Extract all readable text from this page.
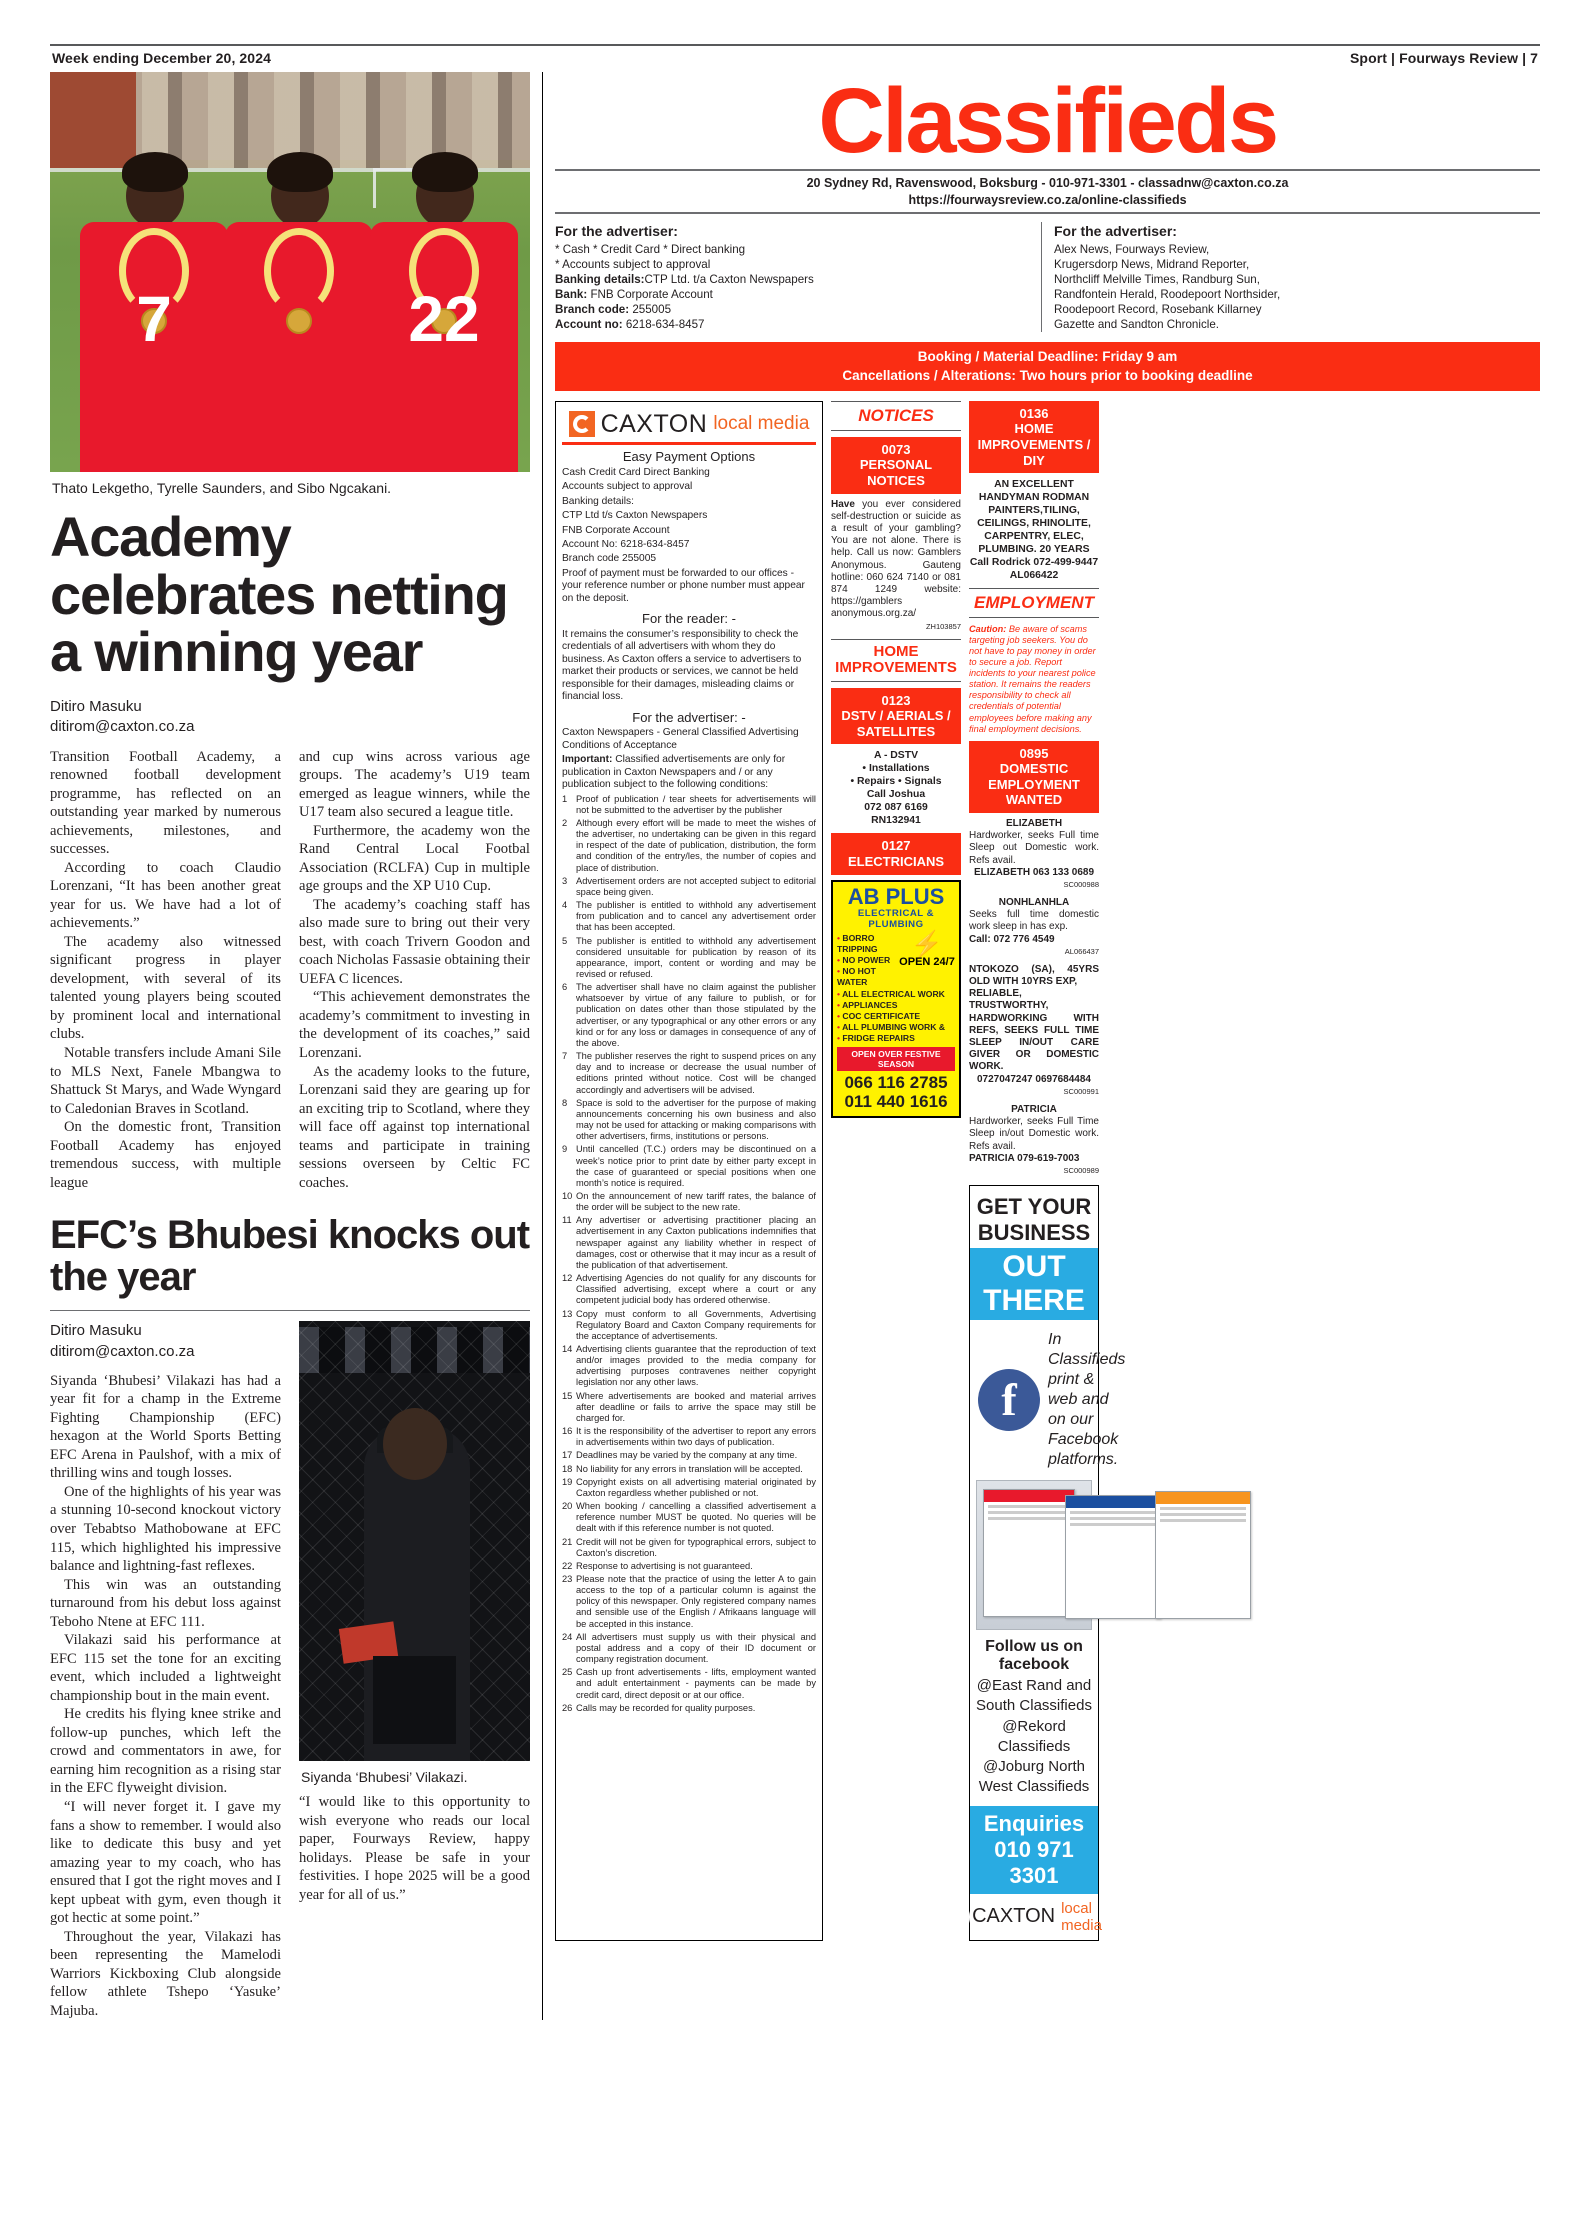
Week ending December 20, 2024	Sport | Fourways Review | 7
7	22
Thato Lekgetho, Tyrelle Saunders, and Sibo Ngcakani.
Academy celebrates netting a winning year
Ditiro Masuku
ditirom@caxton.co.za

Transition Football Academy, a renowned football development programme, has reflected on an outstanding year marked by numerous achievements, milestones, and successes.

According to coach Claudio Lorenzani, “It has been another great year for us. We have had a lot of achievements.”

The academy also witnessed significant progress in player development, with several of its talented young players being scouted by prominent local and international clubs.

Notable transfers include Amani Sile to MLS Next, Fanele Mbangwa to Shattuck St Marys, and Wade Wyngard to Caledonian Braves in Scotland.

On the domestic front, Transition Football Academy has enjoyed tremendous success, with multiple league

and cup wins across various age groups. The academy’s U19 team emerged as league winners, while the U17 team also secured a league title.

Furthermore, the academy won the Rand Central Local Footbal Association (RCLFA) Cup in multiple age groups and the XP U10 Cup.

The academy’s coaching staff has also made sure to bring out their very best, with coach Trivern Goodon and coach Nicholas Fassasie obtaining their UEFA C licences.

“This achievement demonstrates the academy’s commitment to investing in the development of its coaches,” said Lorenzani.

As the academy looks to the future, Lorenzani said they are gearing up for an exciting trip to Scotland, where they will face off against top international teams and participate in training sessions overseen by Celtic FC coaches.

EFC’s Bhubesi knocks out the year
Ditiro Masuku
ditirom@caxton.co.za

Siyanda ‘Bhubesi’ Vilakazi has had a year fit for a champ in the Extreme Fighting Championship (EFC) hexagon at the World Sports Betting EFC Arena in Paulshof, with a mix of thrilling wins and tough losses.

One of the highlights of his year was a stunning 10-second knockout victory over Tebabtso Mathobowane at EFC 115, which highlighted his impressive balance and lightning-fast reflexes.

This win was an outstanding turnaround from his debut loss against Teboho Ntene at EFC 111.

Vilakazi said his performance at EFC 115 set the tone for an exciting event, which included a lightweight championship bout in the main event.

He credits his flying knee strike and follow-up punches, which left the crowd and commentators in awe, for earning him recognition as a rising star in the EFC flyweight division.

“I will never forget it. I gave my fans a show to remember. I would also like to dedicate this busy and yet amazing year to my coach, who has ensured that I got the right moves and I kept upbeat with gym, even though it got hectic at some point.”

Throughout the year, Vilakazi has been representing the Mamelodi Warriors Kickboxing Club alongside fellow athlete Tshepo ‘Yasuke’ Majuba.

Siyanda ‘Bhubesi’ Vilakazi.

“I would like to this opportunity to wish everyone who reads our local paper, Fourways Review, happy holidays. Please be safe in your festivities. I hope 2025 will be a good year for all of us.”

Classifieds
20 Sydney Rd, Ravenswood, Boksburg - 010-971-3301 - classadnw@caxton.co.za
https://fourwaysreview.co.za/online-classifieds
For the advertiser:
* Cash * Credit Card * Direct banking
* Accounts subject to approval
Banking details:CTP Ltd. t/a Caxton Newspapers
Bank: FNB Corporate Account
Branch code: 255005
Account no: 6218-634-8457
For the advertiser:
Alex News, Fourways Review,
Krugersdorp News, Midrand Reporter,
Northcliff Melville Times, Randburg Sun,
Randfontein Herald, Roodepoort Northsider,
Roodepoort Record, Rosebank Killarney
Gazette and Sandton Chronicle.
Booking / Material Deadline: Friday 9 am
Cancellations / Alterations: Two hours prior to booking deadline
CAXTON local media
Easy Payment Options

Cash Credit Card Direct Banking

Accounts subject to approval

Banking details:

CTP Ltd t/s Caxton Newspapers

FNB Corporate Account

Account No: 6218-634-8457

Branch code 255005

Proof of payment must be forwarded to our offices - your reference number or phone number must appear on the deposit.

For the reader: -

It remains the consumer’s responsibility to check the credentials of all advertisers with whom they do business. As Caxton offers a service to advertisers to market their products or services, we cannot be held responsible for their damages, misleading claims or financial loss.

For the advertiser: -

Caxton Newspapers - General Classified Advertising Conditions of Acceptance

Important: Classified advertisements are only for publication in Caxton Newspapers and / or any publication subject to the following conditions:

Proof of publication / tear sheets for advertisements will not be submitted to the advertiser by the publisher
Although every effort will be made to meet the wishes of the advertiser, no undertaking can be given in this regard in respect of the date of publication, distribution, the form and condition of the entry/les, the number of copies and place of distribution.
Advertisement orders are not accepted subject to editorial space being given.
The publisher is entitled to withhold any advertisement from publication and to cancel any advertisement order that has been accepted.
The publisher is entitled to withhold any advertisement considered unsuitable for publication by reason of its appearance, import, content or wording and may be revised or refused.
The advertiser shall have no claim against the publisher whatsoever by virtue of any failure to publish, or for publication on dates other than those stipulated by the advertiser, or any typographical or any other errors or any kind or for any loss or damages in consequence of any of the above.
The publisher reserves the right to suspend prices on any day and to increase or decrease the usual number of editions printed without notice. Cost will be changed accordingly and advertisers will be advised.
Space is sold to the advertiser for the purpose of making announcements concerning his own business and also may not be used for attacking or making comparisons with other advertisers, firms, institutions or persons.
Until cancelled (T.C.) orders may be discontinued on a week’s notice prior to print date by either party except in the case of guaranteed or special positions when one month’s notice is required.
On the announcement of new tariff rates, the balance of the order will be subject to the new rate.
Any advertiser or advertising practitioner placing an advertisement in any Caxton publications indemnifies that newspaper against any liability whether in respect of damages, cost or otherwise that it may incur as a result of the publication of that advertisement.
Advertising Agencies do not qualify for any discounts for Classified advertising, except where a court or any competent judicial body has ordered otherwise.
Copy must conform to all Governments, Advertising Regulatory Board and Caxton Company requirements for the acceptance of advertisements.
Advertising clients guarantee that the reproduction of text and/or images provided to the media company for advertising purposes contravenes neither copyright legislation nor any other laws.
Where advertisements are booked and material arrives after deadline or fails to arrive the space may still be charged for.
It is the responsibility of the advertiser to report any errors in advertisements within two days of publication.
Deadlines may be varied by the company at any time.
No liability for any errors in translation will be accepted.
Copyright exists on all advertising material originated by Caxton regardless whether published or not.
When booking / cancelling a classified advertisement a reference number MUST be quoted. No queries will be dealt with if this reference number is not quoted.
Credit will not be given for typographical errors, subject to Caxton’s discretion.
Response to advertising is not guaranteed.
Please note that the practice of using the letter A to gain access to the top of a particular column is against the policy of this newspaper. Only registered company names and sensible use of the English / Afrikaans language will be accepted in this instance.
All advertisers must supply us with their physical and postal address and a copy of their ID document or company registration document.
Cash up front advertisements - lifts, employment wanted and adult entertainment - payments can be made by credit card, direct deposit or at our office.
Calls may be recorded for quality purposes.
NOTICES
0073
PERSONAL NOTICES
Have you ever considered self-destruction or suicide as a result of your gambling? You are not alone. There is help. Call us now: Gamblers Anonymous. Gauteng hotline: 060 624 7140 or 081 874 1249 website: https://gamblers anonymous.org.za/
ZH103857
HOME
IMPROVEMENTS
0123
DSTV / AERIALS /
SATELLITES
A - DSTV
• Installations
• Repairs • Signals
Call Joshua
072 087 6169
RN132941
0127
ELECTRICIANS
AB PLUS
ELECTRICAL & PLUMBING
⚡
OPEN 24/7
• BORRO TRIPPING
• NO POWER
• NO HOT WATER
• ALL ELECTRICAL WORK
• APPLIANCES
• COC CERTIFICATE
• ALL PLUMBING WORK &
• FRIDGE REPAIRS
OPEN OVER FESTIVE SEASON
066 116 2785
011 440 1616
0136
HOME
IMPROVEMENTS / DIY
AN EXCELLENT HANDYMAN RODMAN PAINTERS,TILING, CEILINGS, RHINOLITE, CARPENTRY, ELEC, PLUMBING. 20 YEARS Call Rodrick 072-499-9447 AL066422
EMPLOYMENT
Caution: Be aware of scams targeting job seekers. You do not have to pay money in order to secure a job. Report incidents to your nearest police station. It remains the readers responsibility to check all credentials of potential employees before making any final employment decisions.
0895
DOMESTIC
EMPLOYMENT
WANTED
ELIZABETH
Hardworker, seeks Full time Sleep out Domestic work. Refs avail.
ELIZABETH 063 133 0689
SC000988
NONHLANHLA
Seeks full time domestic work sleep in has exp.
Call: 072 776 4549
AL066437
NTOKOZO (SA), 45YRS OLD WITH 10YRS EXP,
RELIABLE, TRUSTWORTHY, HARDWORKING WITH REFS, SEEKS FULL TIME SLEEP IN/OUT CARE GIVER OR DOMESTIC WORK.
0727047247 0697684484
SC000991
PATRICIA
Hardworker, seeks Full Time Sleep in/out Domestic work. Refs avail.
PATRICIA 079-619-7003
SC000989
GET YOUR BUSINESS
OUT THERE
f
In Classifieds print & web and on our Facebook platforms.
Follow us on facebook
@East Rand and South Classifieds
@Rekord Classifieds
@Joburg North West Classifieds
Enquiries 010 971 3301
CAXTON local media
